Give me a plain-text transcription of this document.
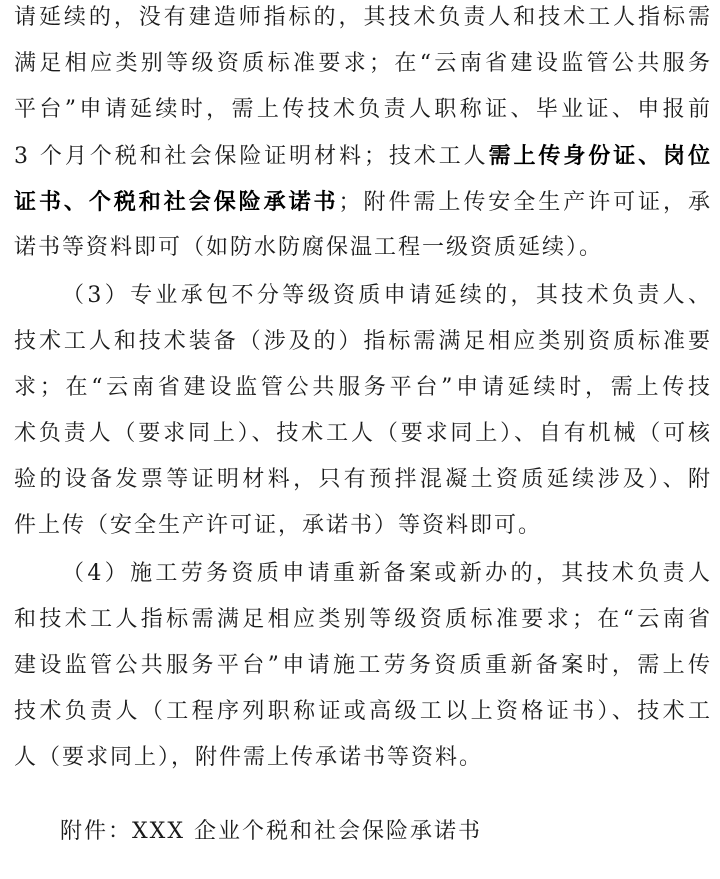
请延续的，没有建造师指标的，其技术负责人和技术工人指标需
满足相应类别等级资质标准要求；在“云南省建设监管公共服务
平台”申请延续时，需上传技术负责人职称证、毕业证、申报前
3 个月个税和社会保险证明材料；技术工人需上传身份证、岗位
证书、个税和社会保险承诺书；附件需上传安全生产许可证，承
诺书等资料即可（如防水防腐保温工程一级资质延续）。
（3）专业承包不分等级资质申请延续的，其技术负责人、
技术工人和技术装备（涉及的）指标需满足相应类别资质标准要
求；在“云南省建设监管公共服务平台”申请延续时，需上传技
术负责人（要求同上）、技术工人（要求同上）、自有机械（可核
验的设备发票等证明材料，只有预拌混凝土资质延续涉及）、附
件上传（安全生产许可证，承诺书）等资料即可。
（4）施工劳务资质申请重新备案或新办的，其技术负责人
和技术工人指标需满足相应类别等级资质标准要求；在“云南省
建设监管公共服务平台”申请施工劳务资质重新备案时，需上传
技术负责人（工程序列职称证或高级工以上资格证书）、技术工
人（要求同上），附件需上传承诺书等资料。
附件：XXX 企业个税和社会保险承诺书
